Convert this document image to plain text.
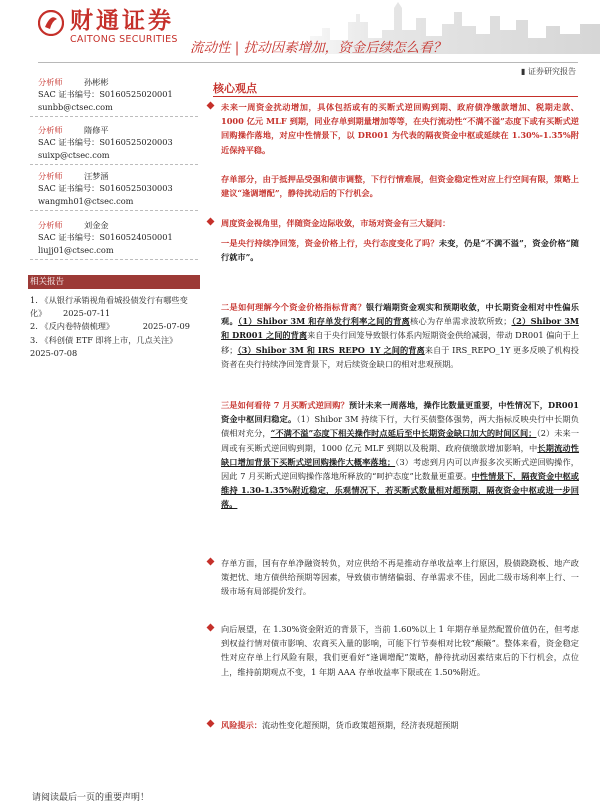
财通证券
CAITONG SECURITIES
流动性 | 扰动因素增加，资金后续怎么看？
▮ 证券研究报告
分析师	孙彬彬
SAC 证书编号：S0160525020001
sunbb@ctsec.com
分析师	隋修平
SAC 证书编号：S0160525020003
suixp@ctsec.com
分析师	汪梦涵
SAC 证书编号：S0160525030003
wangmh01@ctsec.com
分析师	刘金金
SAC 证书编号：S0160524050001
liujj01@ctsec.com
相关报告
1. 《从银行承销视角看城投债发行有哪些变化》 2025-07-11
2. 《反内卷特债梳理》	2025-07-09
3. 《科创债 ETF 即将上市，几点关注》
2025-07-08
核心观点
未来一周资金扰动增加，具体包括或有的买断式逆回购到期、政府债净缴款增加、税期走款、1000 亿元 MLF 到期，同业存单到期量增加等等，在央行流动性“不满不溢”态度下或有买断式逆回购操作落地，对应中性情景下，以 DR001 为代表的隔夜资金中枢或延续在 1.30%-1.35%附近保持平稳。
存单部分，由于抵押品受强和债市调整，下行行情难展，但资金稳定性对应上行空间有限，策略上建议“逢调增配”，静待扰动后的下行机会。
周度资金视角里，伴随资金边际收敛，市场对资金有三大疑问：
一是央行持续净回笼，资金价格上行，央行态度变化了吗？未变，仍是“不满不溢”，资金价格“随行就市”。
二是如何理解今个资金价格指标背离？银行端期资金观实和预期收敛，中长期资金相对中性偏乐观。（1）Shibor 3M 和存单发行利率之间的背离核心为存单需求波软所致；（2）Shibor 3M 和 DR001 之间的背离来自于央行回笼导致银行体系内短期资金供给减弱，带动 DR001 偏向于上移；（3）Shibor 3M 和 IRS_REPO_1Y 之间的背离来自于 IRS_REPO_1Y 更多反映了机构投资者在央行持续净回笼背景下，对后续资金缺口的相对悲观预期。
三是如何看待 7 月买断式逆回购？预计未来一周落地，操作比数量更重要，中性情况下，DR001 资金中枢回归稳定。（1）Shibor 3M 持续下行，大行买债整体强势，两大指标反映央行中长期负债相对充分，“不满不溢”态度下相关操作时点延后至中长期资金缺口加大的时间区间；（2）未来一周或有买断式逆回购到期，1000 亿元 MLF 到期以及税期、政府债缴款增加影响，中长期流动性缺口增加背景下买断式逆回购操作大概率落地；（3）考虑到月内可以声报多次买断式逆回购操作，因此 7 月买断式逆回购操作落地所释放的“呵护态度”比数量更重要。中性情景下，隔夜资金中枢或维持 1.30-1.35%附近稳定，乐观情况下，若买断式数量相对超预期，隔夜资金中枢或进一步回落。
存单方面，国有存单净融资转负，对应供给不再是推动存单收益率上行原因，股债跷跷板、地产政策把忧、地方债供给预期等因素，导致债市情绪偏弱、存单需求不佳，因此二级市场利率上行、一级市场有局部提价发行。
向后展望，在 1.30%资金附近的背景下，当前 1.60%以上 1 年期存单显然配置价值仍在，但考虑到权益行情对债市影响、农商买入量的影响，可能下行节奏相对比较“颠簸”。整体来看，资金稳定性对应存单上行风险有限，我们更看好“逢调增配”策略，静待扰动因素结束后的下行机会，点位上，维持前期观点不变，1 年期 AAA 存单收益率下限或在 1.50%附近。
风险提示：流动性变化超预期，货币政策超预期，经济表现超预期
请阅读最后一页的重要声明！
